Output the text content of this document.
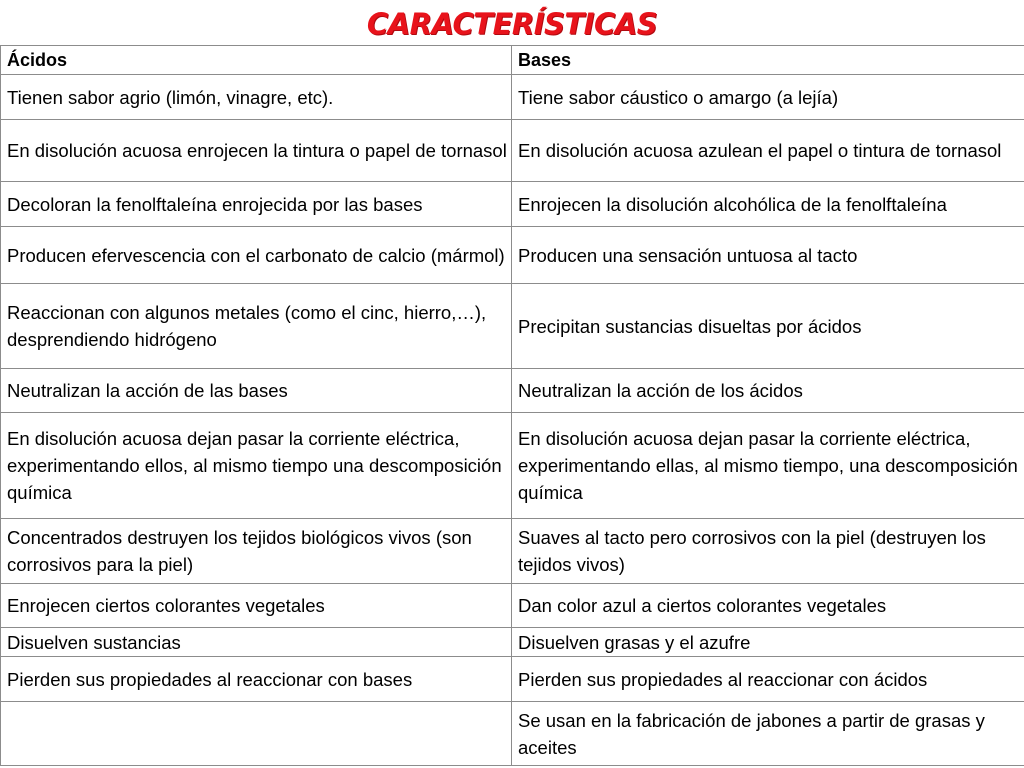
CARACTERÍSTICAS
Ácidos	Bases
Tienen sabor agrio (limón, vinagre, etc).	Tiene sabor cáustico o amargo (a lejía)
En disolución acuosa enrojecen la tintura o papel de tornasol	En disolución acuosa azulean el papel o tintura de tornasol
Decoloran la fenolftaleína enrojecida por las bases	Enrojecen la disolución alcohólica de la fenolftaleína
Producen efervescencia con el carbonato de calcio (mármol)	Producen una sensación untuosa al tacto
Reaccionan con algunos metales (como el cinc, hierro,…), desprendiendo hidrógeno	Precipitan sustancias disueltas por ácidos
Neutralizan la acción de las bases	Neutralizan la acción de los ácidos
En disolución acuosa dejan pasar la corriente eléctrica, experimentando ellos, al mismo tiempo una descomposición química	En disolución acuosa dejan pasar la corriente eléctrica, experimentando ellas, al mismo tiempo, una descomposición química
Concentrados destruyen los tejidos biológicos vivos (son corrosivos para la piel)	Suaves al tacto pero corrosivos con la piel (destruyen los tejidos vivos)
Enrojecen ciertos colorantes vegetales	Dan color azul a ciertos colorantes vegetales
Disuelven sustancias	Disuelven grasas y el azufre
Pierden sus propiedades al reaccionar con bases	Pierden sus propiedades al reaccionar con ácidos
	Se usan en la fabricación de jabones a partir de grasas y aceites
